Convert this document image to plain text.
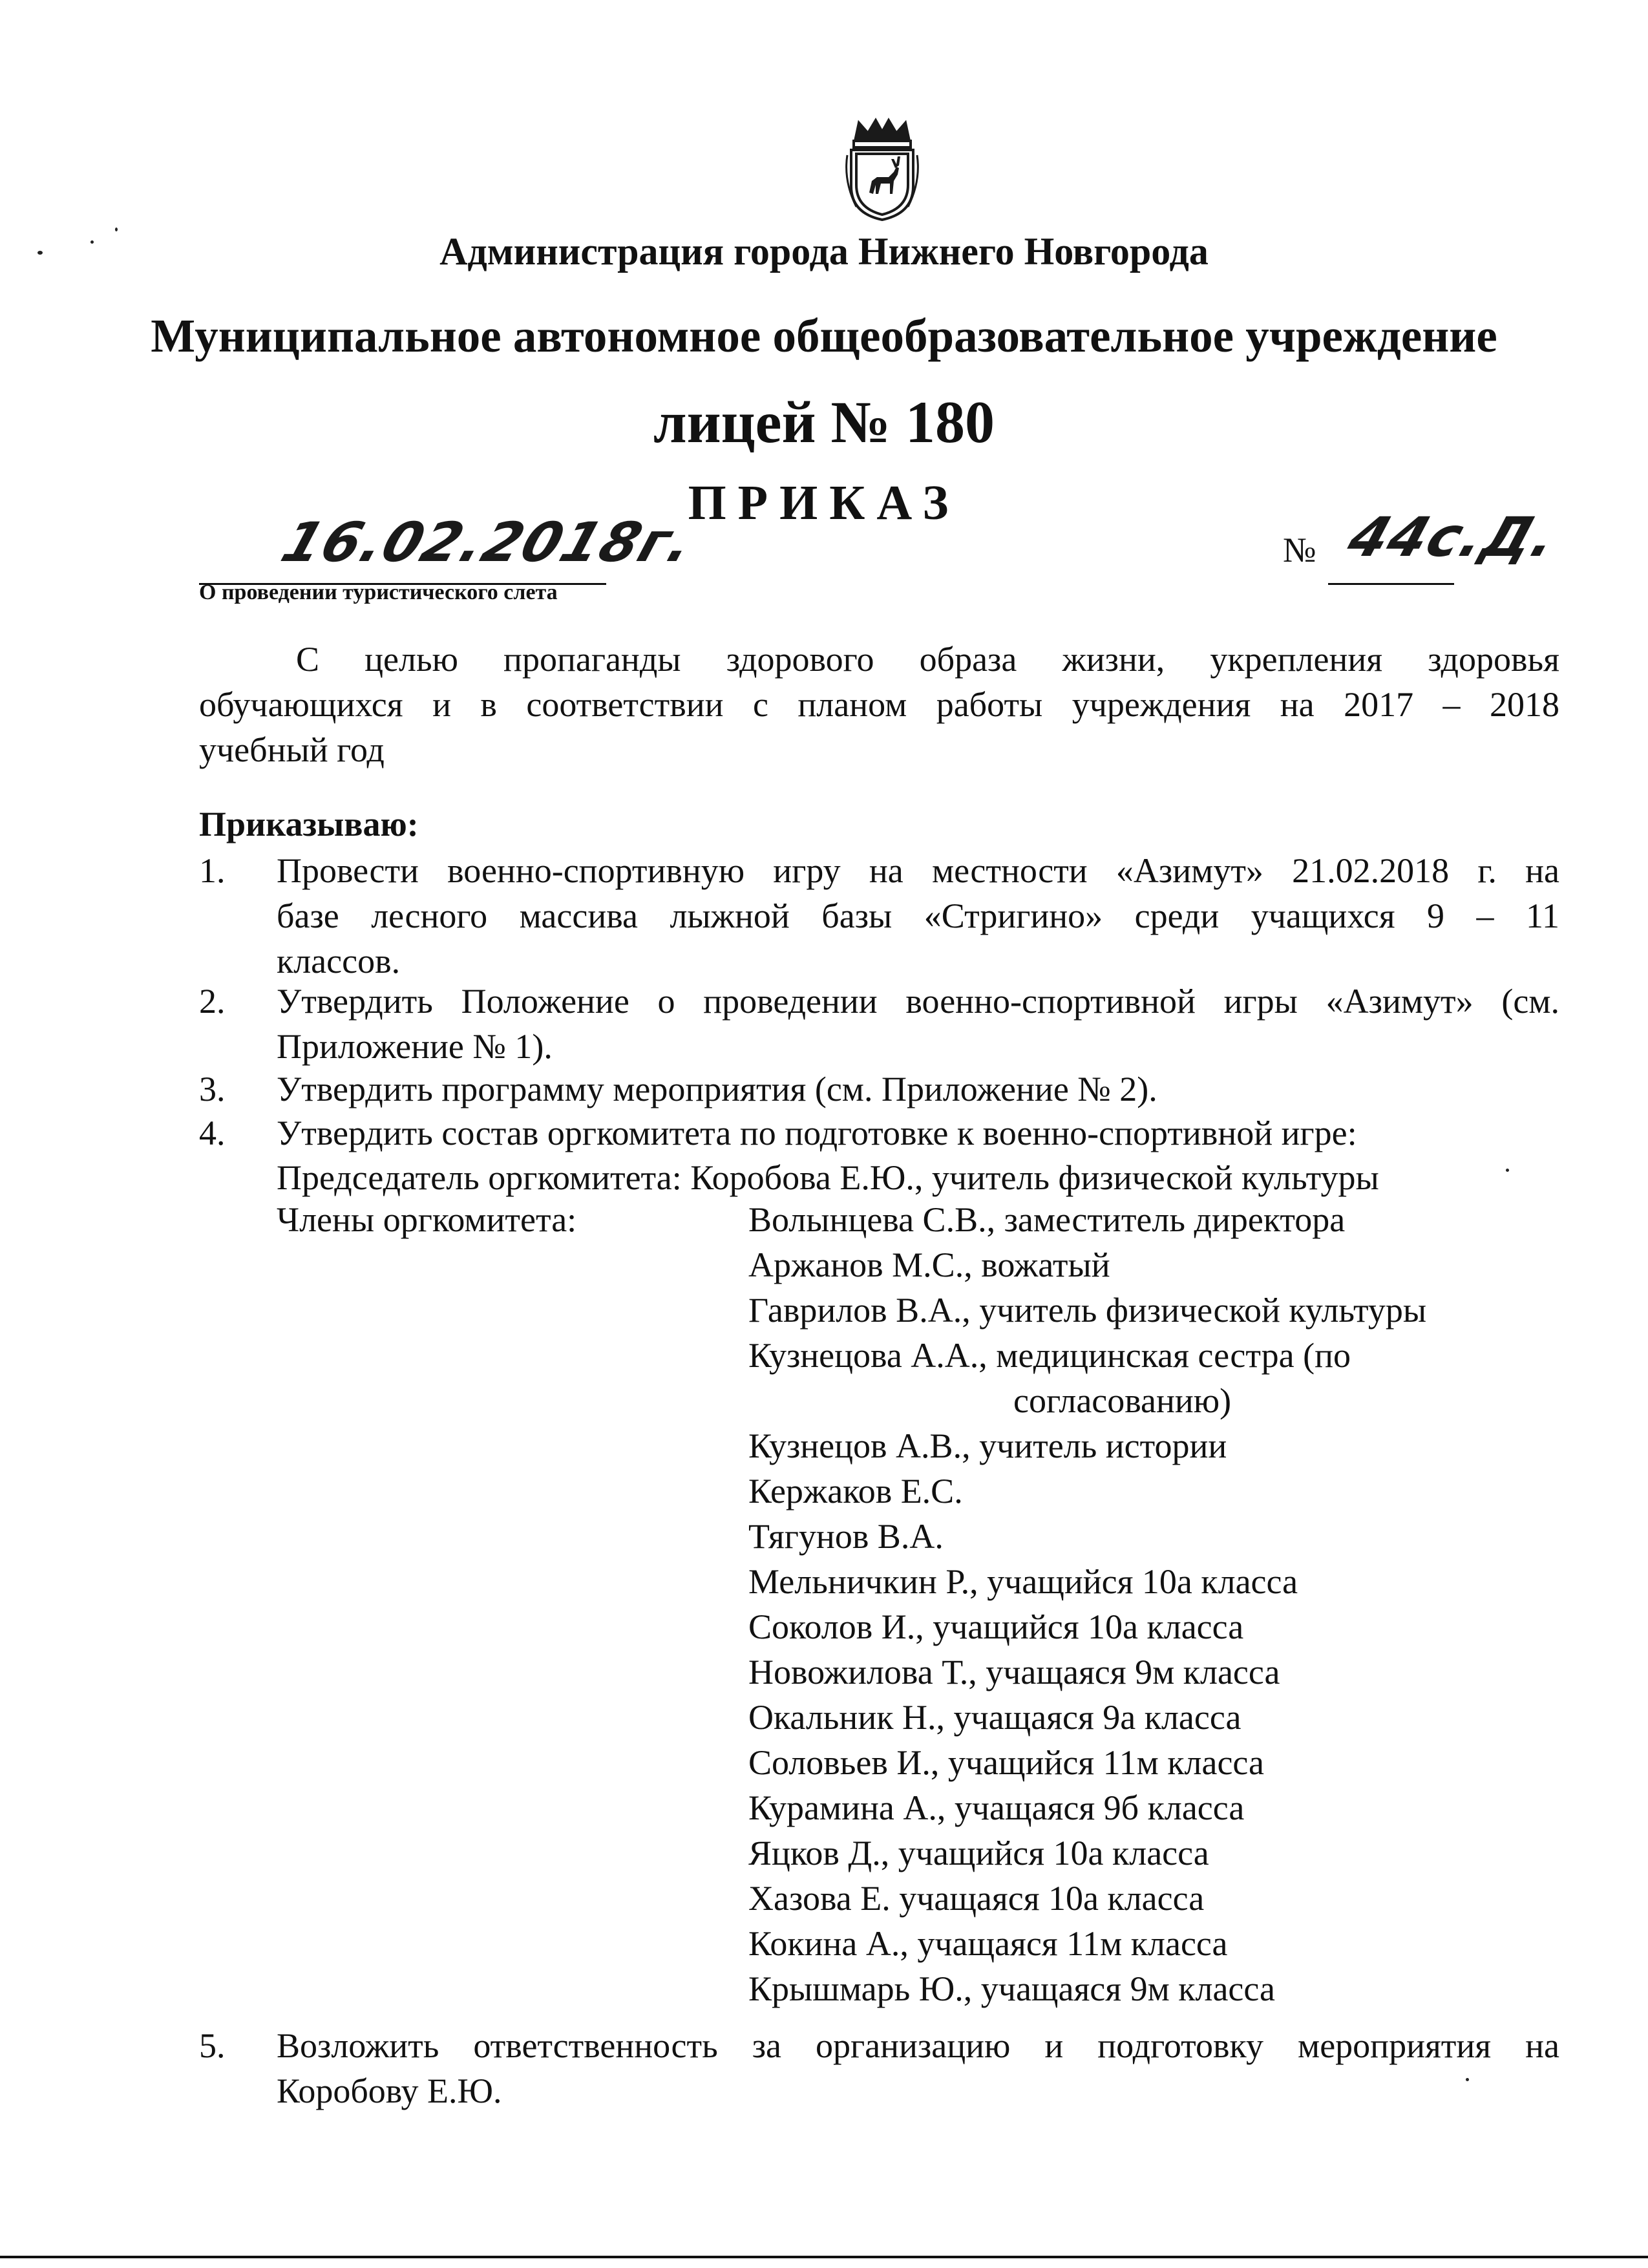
Администрация города Нижнего Новгорода
Муниципальное автономное общеобразовательное учреждение
лицей № 180
ПРИКАЗ
16.02.2018г.	№ 44с.Д.
О проведении туристического слета
С целью пропаганды здорового образа жизни, укрепления здоровья
обучающихся и в соответствии с планом работы учреждения на 2017 – 2018
учебный год
Приказываю:
1. Провести военно-спортивную игру на местности «Азимут» 21.02.2018 г. на
базе лесного массива лыжной базы «Стригино» среди учащихся 9 – 11
классов.
2. Утвердить Положение о проведении военно-спортивной игры «Азимут» (см.
Приложение № 1).
3. Утвердить программу мероприятия (см. Приложение № 2).
4. Утвердить состав оргкомитета по подготовке к военно-спортивной игре:
Председатель оргкомитета: Коробова Е.Ю., учитель физической культуры
Члены оргкомитета:	Волынцева С.В., заместитель директора
Аржанов М.С., вожатый
Гаврилов В.А., учитель физической культуры
Кузнецова А.А., медицинская сестра (по
согласованию)
Кузнецов А.В., учитель истории
Кержаков Е.С.
Тягунов В.А.
Мельничкин Р., учащийся 10а класса
Соколов И., учащийся 10а класса
Новожилова Т., учащаяся 9м класса
Окальник Н., учащаяся 9а класса
Соловьев И., учащийся 11м класса
Курамина А., учащаяся 9б класса
Яцков Д., учащийся 10а класса
Хазова Е. учащаяся 10а класса
Кокина А., учащаяся 11м класса
Крышмарь Ю., учащаяся 9м класса
5. Возложить ответственность за организацию и подготовку мероприятия на
Коробову Е.Ю.
